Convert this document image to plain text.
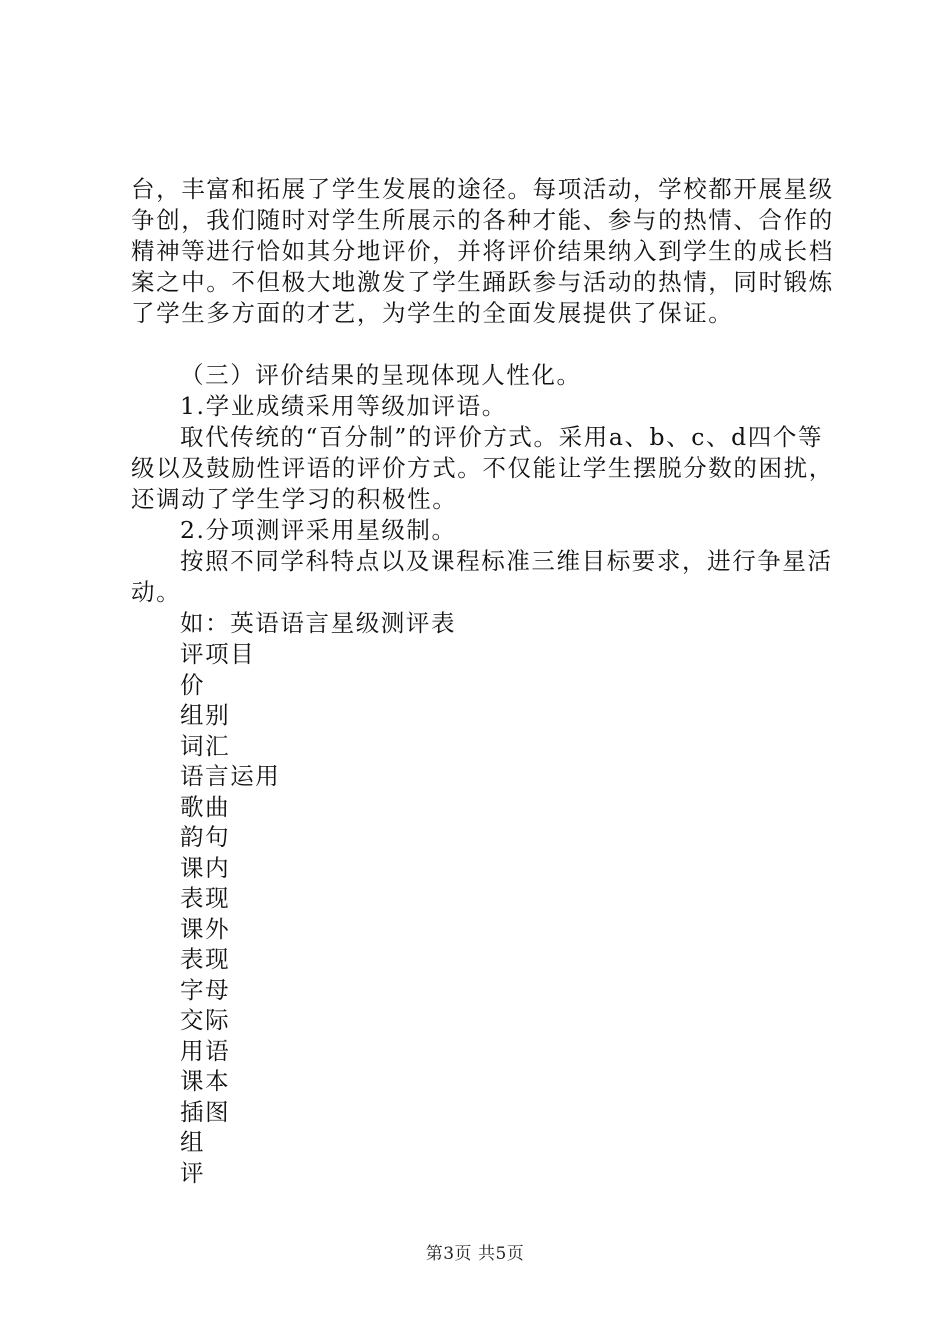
台，丰富和拓展了学生发展的途径。每项活动，学校都开展星级争创，我们随时对学生所展示的各种才能、参与的热情、合作的精神等进行恰如其分地评价，并将评价结果纳入到学生的成长档案之中。不但极大地激发了学生踊跃参与活动的热情，同时锻炼了学生多方面的才艺，为学生的全面发展提供了保证。

（三）评价结果的呈现体现人性化。

1.学业成绩采用等级加评语。

取代传统的“百分制”的评价方式。采用a、b、c、d四个等级以及鼓励性评语的评价方式。不仅能让学生摆脱分数的困扰，还调动了学生学习的积极性。

2.分项测评采用星级制。

按照不同学科特点以及课程标准三维目标要求，进行争星活动。

如：英语语言星级测评表

评项目
价
组别
词汇
语言运用
歌曲
韵句
课内
表现
课外
表现
字母
交际
用语
课本
插图
组
评
第3页 共5页
